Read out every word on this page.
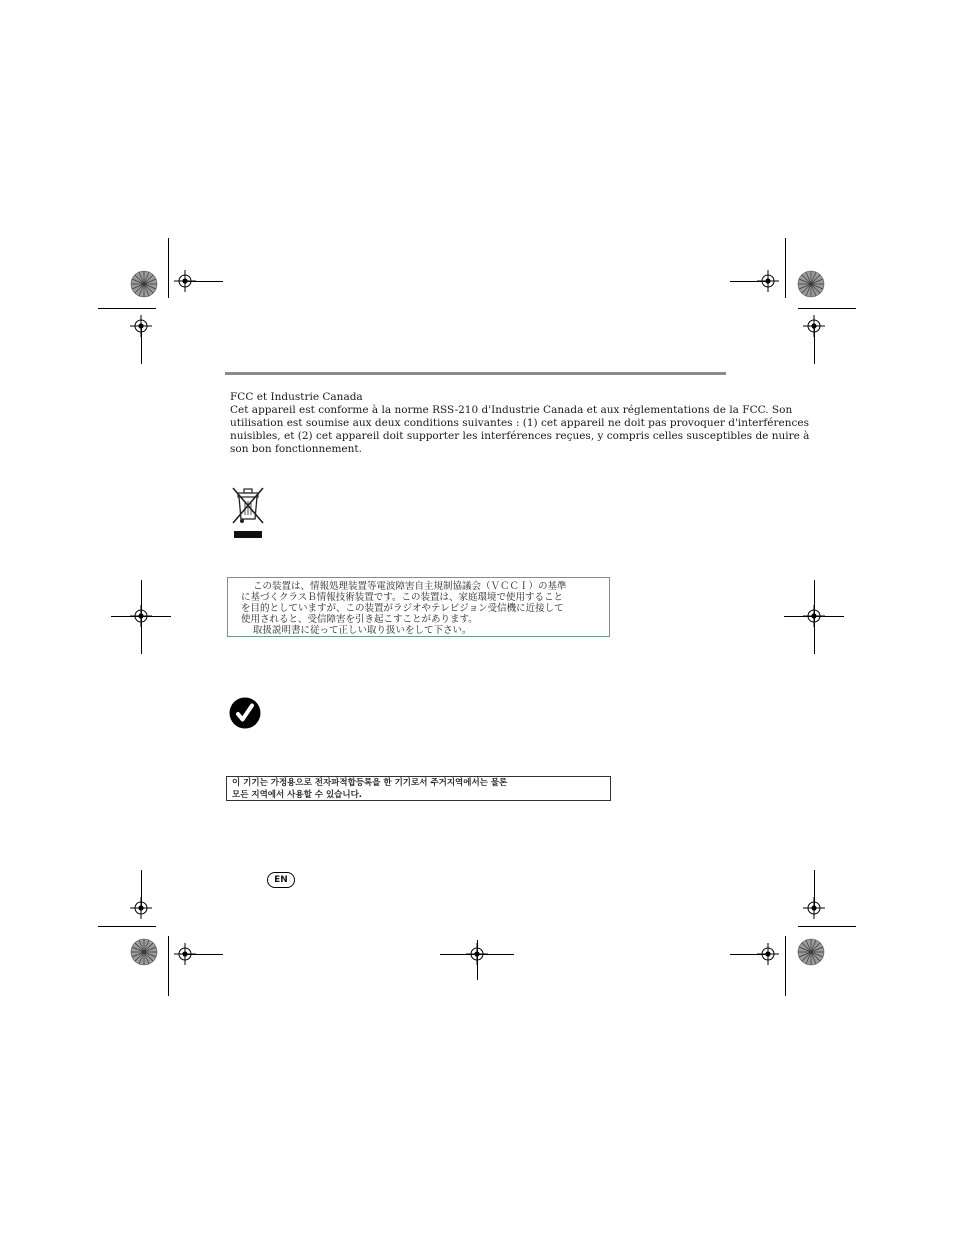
FCC et Industrie Canada
Cet appareil est conforme à la norme RSS-210 d'Industrie Canada et aux réglementations de la FCC. Son
utilisation est soumise aux deux conditions suivantes : (1) cet appareil ne doit pas provoquer d'interférences
nuisibles, et (2) cet appareil doit supporter les interférences reçues, y compris celles susceptibles de nuire à
son bon fonctionnement.
この装置は、情報処理装置等電波障害自主規制協議会（ＶＣＣＩ）の基準
に基づくクラスＢ情報技術装置です。この装置は、家庭環境で使用すること
を目的としていますが、この装置がラジオやテレビジョン受信機に近接して
使用されると、受信障害を引き起こすことがあります。
取扱説明書に従って正しい取り扱いをして下さい。
이 기기는 가정용으로 전자파적합등록을 한 기기로서 주거지역에서는 물론
모든 지역에서 사용할 수 있습니다.
EN
